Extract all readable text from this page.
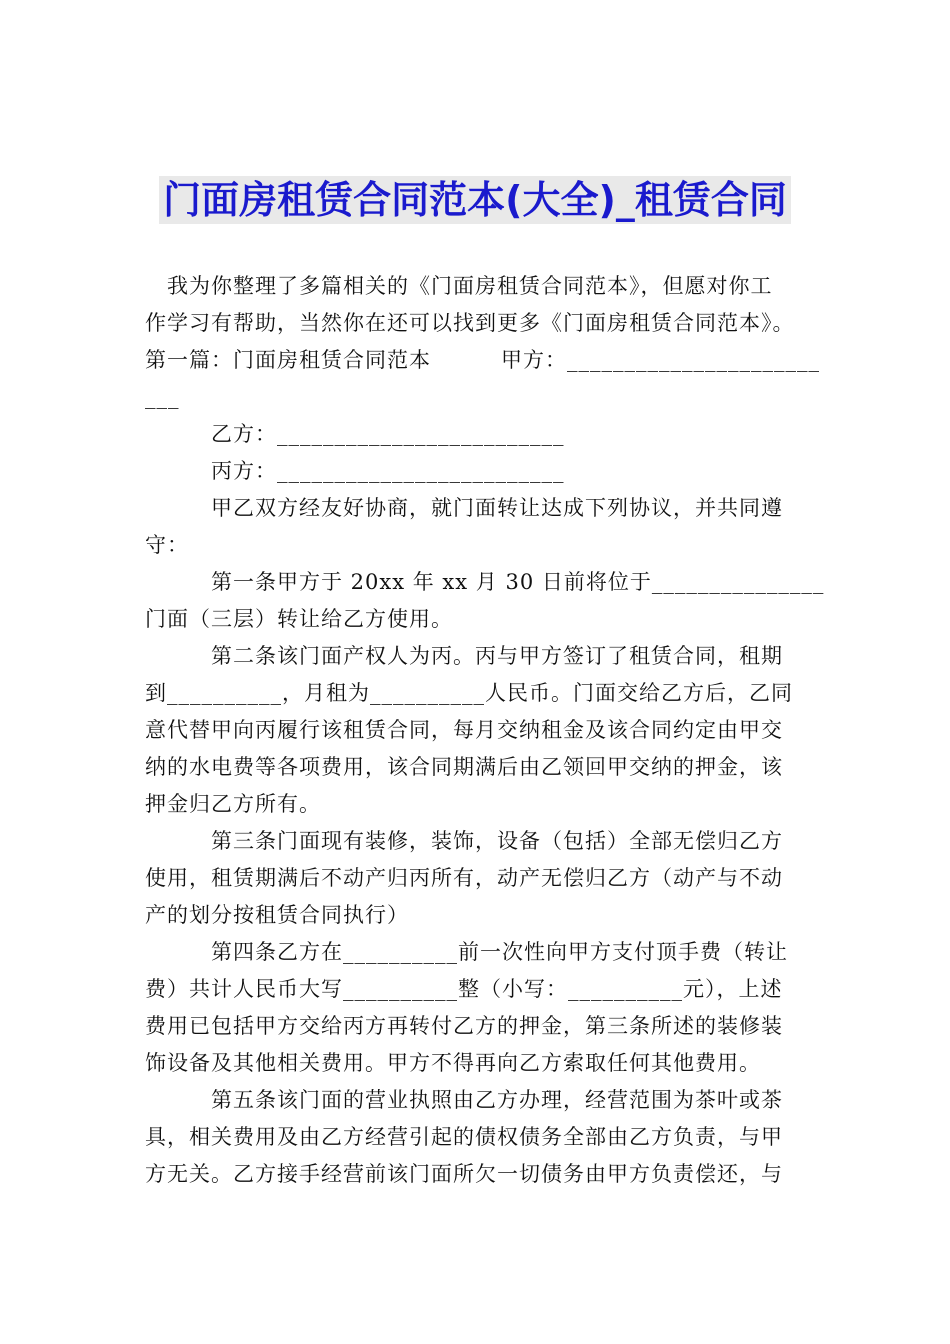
门面房租赁合同范本(大全)_租赁合同
我为你整理了多篇相关的《门面房租赁合同范本》，但愿对你工
作学习有帮助，当然你在还可以找到更多《门面房租赁合同范本》。
第一篇：门面房租赁合同范本	甲方：______________________
___
乙方：_________________________
丙方：_________________________
甲乙双方经友好协商，就门面转让达成下列协议，并共同遵
守：
第一条甲方于 20xx 年 xx 月 30 日前将位于_______________
门面（三层）转让给乙方使用。
第二条该门面产权人为丙。丙与甲方签订了租赁合同，租期
到__________，月租为__________人民币。门面交给乙方后，乙同
意代替甲向丙履行该租赁合同，每月交纳租金及该合同约定由甲交
纳的水电费等各项费用，该合同期满后由乙领回甲交纳的押金，该
押金归乙方所有。
第三条门面现有装修，装饰，设备（包括）全部无偿归乙方
使用，租赁期满后不动产归丙所有，动产无偿归乙方（动产与不动
产的划分按租赁合同执行）
第四条乙方在__________前一次性向甲方支付顶手费（转让
费）共计人民币大写__________整（小写：__________元），上述
费用已包括甲方交给丙方再转付乙方的押金，第三条所述的装修装
饰设备及其他相关费用。甲方不得再向乙方索取任何其他费用。
第五条该门面的营业执照由乙方办理，经营范围为茶叶或茶
具，相关费用及由乙方经营引起的债权债务全部由乙方负责，与甲
方无关。乙方接手经营前该门面所欠一切债务由甲方负责偿还，与
